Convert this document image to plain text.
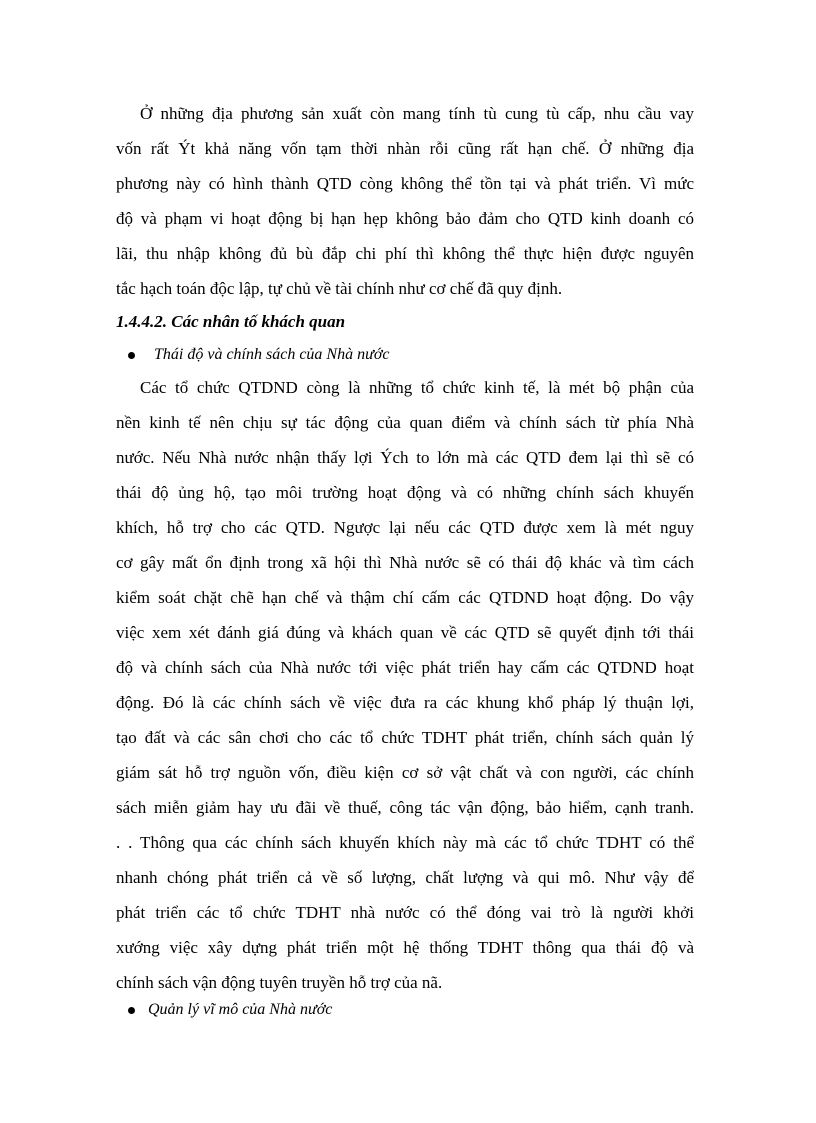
Ở những địa phương sản xuất còn mang tính tù cung tù cấp, nhu cầu vay
vốn rất Ýt khả năng vốn tạm thời nhàn rỗi cũng rất hạn chế. Ở những địa
phương này có hình thành QTD còng không thể tồn tại và phát triển. Vì mức
độ và phạm vi hoạt động bị hạn hẹp không bảo đảm cho QTD kinh doanh có
lãi, thu nhập không đủ bù đắp chi phí thì không thể thực hiện được nguyên
tắc hạch toán độc lập, tự chủ về tài chính như cơ chế đã quy định.
1.4.4.2. Các nhân tố khách quan
Thái độ và chính sách của Nhà nước
Các tổ chức QTDND còng là những tổ chức kinh tế, là mét bộ phận của
nền kinh tế nên chịu sự tác động của quan điểm và chính sách từ phía Nhà
nước. Nếu Nhà nước nhận thấy lợi Ých to lớn mà các QTD đem lại thì sẽ có
thái độ ủng hộ, tạo môi trường hoạt động và có những chính sách khuyến
khích, hỗ trợ cho các QTD. Ngược lại nếu các QTD được xem là mét nguy
cơ gây mất ổn định trong xã hội thì Nhà nước sẽ có thái độ khác và tìm cách
kiểm soát chặt chẽ hạn chế và thậm chí cấm các QTDND hoạt động. Do vậy
việc xem xét đánh giá đúng và khách quan về các QTD sẽ quyết định tới thái
độ và chính sách của Nhà nước tới việc phát triển hay cấm các QTDND hoạt
động. Đó là các chính sách về việc đưa ra các khung khổ pháp lý thuận lợi,
tạo đất và các sân chơi cho các tổ chức TDHT phát triển, chính sách quản lý
giám sát hỗ trợ nguồn vốn, điều kiện cơ sở vật chất và con người, các chính
sách miễn giảm hay ưu đãi về thuế, công tác vận động, bảo hiểm, cạnh tranh.
. . Thông qua các chính sách khuyến khích này mà các tổ chức TDHT có thể
nhanh chóng phát triển cả về số lượng, chất lượng và qui mô. Như vậy để
phát triển các tổ chức TDHT nhà nước có thể đóng vai trò là người khởi
xướng việc xây dựng phát triển một hệ thống TDHT thông qua thái độ và
chính sách vận động tuyên truyền hỗ trợ của nã.
Quản lý vĩ mô của Nhà nước
